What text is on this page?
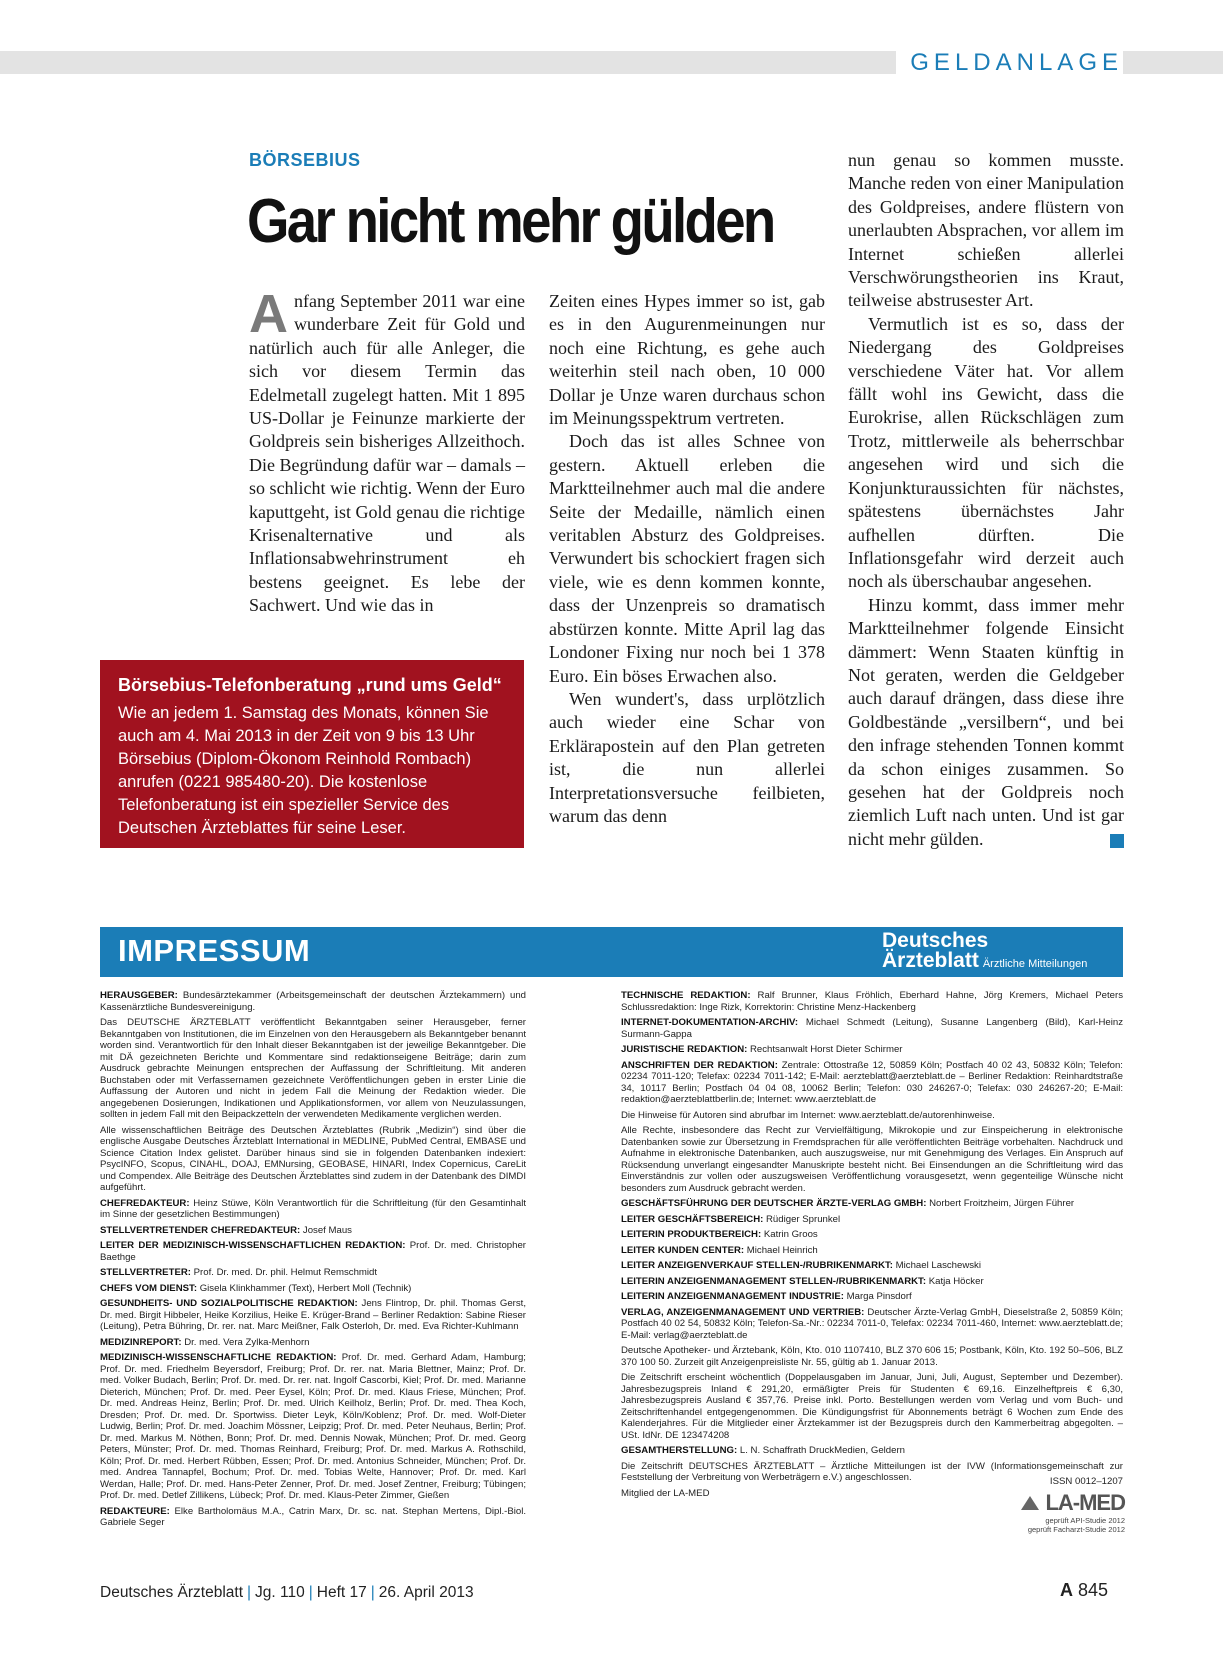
GELDANLAGE
BÖRSEBIUS
Gar nicht mehr gülden

Anfang September 2011 war eine wunderbare Zeit für Gold und natürlich auch für alle Anleger, die sich vor diesem Termin das Edelmetall zugelegt hatten. Mit 1 895 US-Dollar je Feinunze markierte der Goldpreis sein bisheriges Allzeithoch. Die Begründung dafür war – damals – so schlicht wie richtig. Wenn der Euro kaputtgeht, ist Gold genau die richtige Krisenalternative und als Inflationsabwehrinstrument eh bestens geeignet. Es lebe der Sachwert. Und wie das in

Zeiten eines Hypes immer so ist, gab es in den Augurenmeinungen nur noch eine Richtung, es gehe auch weiterhin steil nach oben, 10 000 Dollar je Unze waren durchaus schon im Meinungsspektrum vertreten.

Doch das ist alles Schnee von gestern. Aktuell erleben die Marktteilnehmer auch mal die andere Seite der Medaille, nämlich einen veritablen Absturz des Goldpreises. Verwundert bis schockiert fragen sich viele, wie es denn kommen konnte, dass der Unzenpreis so dramatisch abstürzen konnte. Mitte April lag das Londoner Fixing nur noch bei 1 378 Euro. Ein böses Erwachen also.

Wen wundert's, dass urplötzlich auch wieder eine Schar von Erklärapostein auf den Plan getreten ist, die nun allerlei Interpretationsversuche feilbieten, warum das denn

nun genau so kommen musste. Manche reden von einer Manipulation des Goldpreises, andere flüstern von unerlaubten Absprachen, vor allem im Internet schießen allerlei Verschwörungstheorien ins Kraut, teilweise abstrusester Art.

Vermutlich ist es so, dass der Niedergang des Goldpreises verschiedene Väter hat. Vor allem fällt wohl ins Gewicht, dass die Eurokrise, allen Rückschlägen zum Trotz, mittlerweile als beherrschbar angesehen wird und sich die Konjunkturaussichten für nächstes, spätestens übernächstes Jahr aufhellen dürften. Die Inflationsgefahr wird derzeit auch noch als überschaubar angesehen.

Hinzu kommt, dass immer mehr Marktteilnehmer folgende Einsicht dämmert: Wenn Staaten künftig in Not geraten, werden die Geldgeber auch darauf drängen, dass diese ihre Goldbestände „versilbern“, und bei den infrage stehenden Tonnen kommt da schon einiges zusammen. So gesehen hat der Goldpreis noch ziemlich Luft nach unten. Und ist gar nicht mehr gülden.

Börsebius-Telefonberatung „rund ums Geld“

Wie an jedem 1. Samstag des Monats, können Sie auch am 4. Mai 2013 in der Zeit von 9 bis 13 Uhr Börsebius (Diplom-Ökonom Reinhold Rombach) anrufen (0221 985480-20). Die kostenlose Telefonberatung ist ein spezieller Service des Deutschen Ärzteblattes für seine Leser.

IMPRESSUM	Deutsches
Ärzteblatt Ärztliche Mitteilungen

HERAUSGEBER: Bundesärztekammer (Arbeitsgemeinschaft der deutschen Ärztekammern) und Kassenärztliche Bundesvereinigung.

Das DEUTSCHE ÄRZTEBLATT veröffentlicht Bekanntgaben seiner Herausgeber, ferner Bekanntgaben von Institutionen, die im Einzelnen von den Herausgebern als Bekanntgeber benannt worden sind. Verantwortlich für den Inhalt dieser Bekanntgaben ist der jeweilige Bekanntgeber. Die mit DÄ gezeichneten Berichte und Kommentare sind redaktionseigene Beiträge; darin zum Ausdruck gebrachte Meinungen entsprechen der Auffassung der Schriftleitung. Mit anderen Buchstaben oder mit Verfassernamen gezeichnete Veröffentlichungen geben in erster Linie die Auffassung der Autoren und nicht in jedem Fall die Meinung der Redaktion wieder. Die angegebenen Dosierungen, Indikationen und Applikationsformen, vor allem von Neuzulassungen, sollten in jedem Fall mit den Beipackzetteln der verwendeten Medikamente verglichen werden.

Alle wissenschaftlichen Beiträge des Deutschen Ärzteblattes (Rubrik „Medizin“) sind über die englische Ausgabe Deutsches Ärzteblatt International in MEDLINE, PubMed Central, EMBASE und Science Citation Index gelistet. Darüber hinaus sind sie in folgenden Datenbanken indexiert: PsycINFO, Scopus, CINAHL, DOAJ, EMNursing, GEOBASE, HINARI, Index Copernicus, CareLit und Compendex. Alle Beiträge des Deutschen Ärzteblattes sind zudem in der Datenbank des DIMDI aufgeführt.

CHEFREDAKTEUR: Heinz Stüwe, Köln Verantwortlich für die Schriftleitung (für den Gesamtinhalt im Sinne der gesetzlichen Bestimmungen)

STELLVERTRETENDER CHEFREDAKTEUR: Josef Maus

LEITER DER MEDIZINISCH-WISSENSCHAFTLICHEN REDAKTION: Prof. Dr. med. Christopher Baethge

STELLVERTRETER: Prof. Dr. med. Dr. phil. Helmut Remschmidt

CHEFS VOM DIENST: Gisela Klinkhammer (Text), Herbert Moll (Technik)

GESUNDHEITS- UND SOZIALPOLITISCHE REDAKTION: Jens Flintrop, Dr. phil. Thomas Gerst, Dr. med. Birgit Hibbeler, Heike Korzilius, Heike E. Krüger-Brand – Berliner Redaktion: Sabine Rieser (Leitung), Petra Bühring, Dr. rer. nat. Marc Meißner, Falk Osterloh, Dr. med. Eva Richter-Kuhlmann

MEDIZINREPORT: Dr. med. Vera Zylka-Menhorn

MEDIZINISCH-WISSENSCHAFTLICHE REDAKTION: Prof. Dr. med. Gerhard Adam, Hamburg; Prof. Dr. med. Friedhelm Beyersdorf, Freiburg; Prof. Dr. rer. nat. Maria Blettner, Mainz; Prof. Dr. med. Volker Budach, Berlin; Prof. Dr. med. Dr. rer. nat. Ingolf Cascorbi, Kiel; Prof. Dr. med. Marianne Dieterich, München; Prof. Dr. med. Peer Eysel, Köln; Prof. Dr. med. Klaus Friese, München; Prof. Dr. med. Andreas Heinz, Berlin; Prof. Dr. med. Ulrich Keilholz, Berlin; Prof. Dr. med. Thea Koch, Dresden; Prof. Dr. med. Dr. Sportwiss. Dieter Leyk, Köln/Koblenz; Prof. Dr. med. Wolf-Dieter Ludwig, Berlin; Prof. Dr. med. Joachim Mössner, Leipzig; Prof. Dr. med. Peter Neuhaus, Berlin; Prof. Dr. med. Markus M. Nöthen, Bonn; Prof. Dr. med. Dennis Nowak, München; Prof. Dr. med. Georg Peters, Münster; Prof. Dr. med. Thomas Reinhard, Freiburg; Prof. Dr. med. Markus A. Rothschild, Köln; Prof. Dr. med. Herbert Rübben, Essen; Prof. Dr. med. Antonius Schneider, München; Prof. Dr. med. Andrea Tannapfel, Bochum; Prof. Dr. med. Tobias Welte, Hannover; Prof. Dr. med. Karl Werdan, Halle; Prof. Dr. med. Hans-Peter Zenner, Prof. Dr. med. Josef Zentner, Freiburg; Tübingen; Prof. Dr. med. Detlef Zillikens, Lübeck; Prof. Dr. med. Klaus-Peter Zimmer, Gießen

REDAKTEURE: Elke Bartholomäus M.A., Catrin Marx, Dr. sc. nat. Stephan Mertens, Dipl.-Biol. Gabriele Seger

TECHNISCHE REDAKTION: Ralf Brunner, Klaus Fröhlich, Eberhard Hahne, Jörg Kremers, Michael Peters Schlussredaktion: Inge Rizk, Korrektorin: Christine Menz-Hackenberg

INTERNET-DOKUMENTATION-ARCHIV: Michael Schmedt (Leitung), Susanne Langenberg (Bild), Karl-Heinz Surmann-Gappa

JURISTISCHE REDAKTION: Rechtsanwalt Horst Dieter Schirmer

ANSCHRIFTEN DER REDAKTION: Zentrale: Ottostraße 12, 50859 Köln; Postfach 40 02 43, 50832 Köln; Telefon: 02234 7011-120; Telefax: 02234 7011-142; E-Mail: aerzteblatt@aerzteblatt.de – Berliner Redaktion: Reinhardtstraße 34, 10117 Berlin; Postfach 04 04 08, 10062 Berlin; Telefon: 030 246267-0; Telefax: 030 246267-20; E-Mail: redaktion@aerzteblattberlin.de; Internet: www.aerzteblatt.de

Die Hinweise für Autoren sind abrufbar im Internet: www.aerzteblatt.de/autorenhinweise.

Alle Rechte, insbesondere das Recht zur Vervielfältigung, Mikrokopie und zur Einspeicherung in elektronische Datenbanken sowie zur Übersetzung in Fremdsprachen für alle veröffentlichten Beiträge vorbehalten. Nachdruck und Aufnahme in elektronische Datenbanken, auch auszugsweise, nur mit Genehmigung des Verlages. Ein Anspruch auf Rücksendung unverlangt eingesandter Manuskripte besteht nicht. Bei Einsendungen an die Schriftleitung wird das Einverständnis zur vollen oder auszugsweisen Veröffentlichung vorausgesetzt, wenn gegenteilige Wünsche nicht besonders zum Ausdruck gebracht werden.

GESCHÄFTSFÜHRUNG DER DEUTSCHER ÄRZTE-VERLAG GMBH: Norbert Froitzheim, Jürgen Führer

LEITER GESCHÄFTSBEREICH: Rüdiger Sprunkel

LEITERIN PRODUKTBEREICH: Katrin Groos

LEITER KUNDEN CENTER: Michael Heinrich

LEITER ANZEIGENVERKAUF STELLEN-/RUBRIKENMARKT: Michael Laschewski

LEITERIN ANZEIGENMANAGEMENT STELLEN-/RUBRIKENMARKT: Katja Höcker

LEITERIN ANZEIGENMANAGEMENT INDUSTRIE: Marga Pinsdorf

VERLAG, ANZEIGENMANAGEMENT UND VERTRIEB: Deutscher Ärzte-Verlag GmbH, Dieselstraße 2, 50859 Köln; Postfach 40 02 54, 50832 Köln; Telefon-Sa.-Nr.: 02234 7011-0, Telefax: 02234 7011-460, Internet: www.aerzteblatt.de; E-Mail: verlag@aerzteblatt.de

Deutsche Apotheker- und Ärztebank, Köln, Kto. 010 1107410, BLZ 370 606 15; Postbank, Köln, Kto. 192 50–506, BLZ 370 100 50. Zurzeit gilt Anzeigenpreisliste Nr. 55, gültig ab 1. Januar 2013.

Die Zeitschrift erscheint wöchentlich (Doppelausgaben im Januar, Juni, Juli, August, September und Dezember). Jahresbezugspreis Inland € 291,20, ermäßigter Preis für Studenten € 69,16. Einzelheftpreis € 6,30, Jahresbezugspreis Ausland € 357,76. Preise inkl. Porto. Bestellungen werden vom Verlag und vom Buch- und Zeitschriftenhandel entgegengenommen. Die Kündigungsfrist für Abonnements beträgt 6 Wochen zum Ende des Kalenderjahres. Für die Mitglieder einer Ärztekammer ist der Bezugspreis durch den Kammerbeitrag abgegolten. – USt. IdNr. DE 123474208

GESAMTHERSTELLUNG: L. N. Schaffrath DruckMedien, Geldern

Die Zeitschrift DEUTSCHES ÄRZTEBLATT – Ärztliche Mitteilungen ist der IVW (Informationsgemeinschaft zur Feststellung der Verbreitung von Werbeträgern e.V.) angeschlossen.

Mitglied der LA-MED

ISSN 0012–1207
LA-MED
geprüft API-Studie 2012
geprüft Facharzt-Studie 2012
Deutsches Ärzteblatt | Jg. 110 | Heft 17 | 26. April 2013	A 845
